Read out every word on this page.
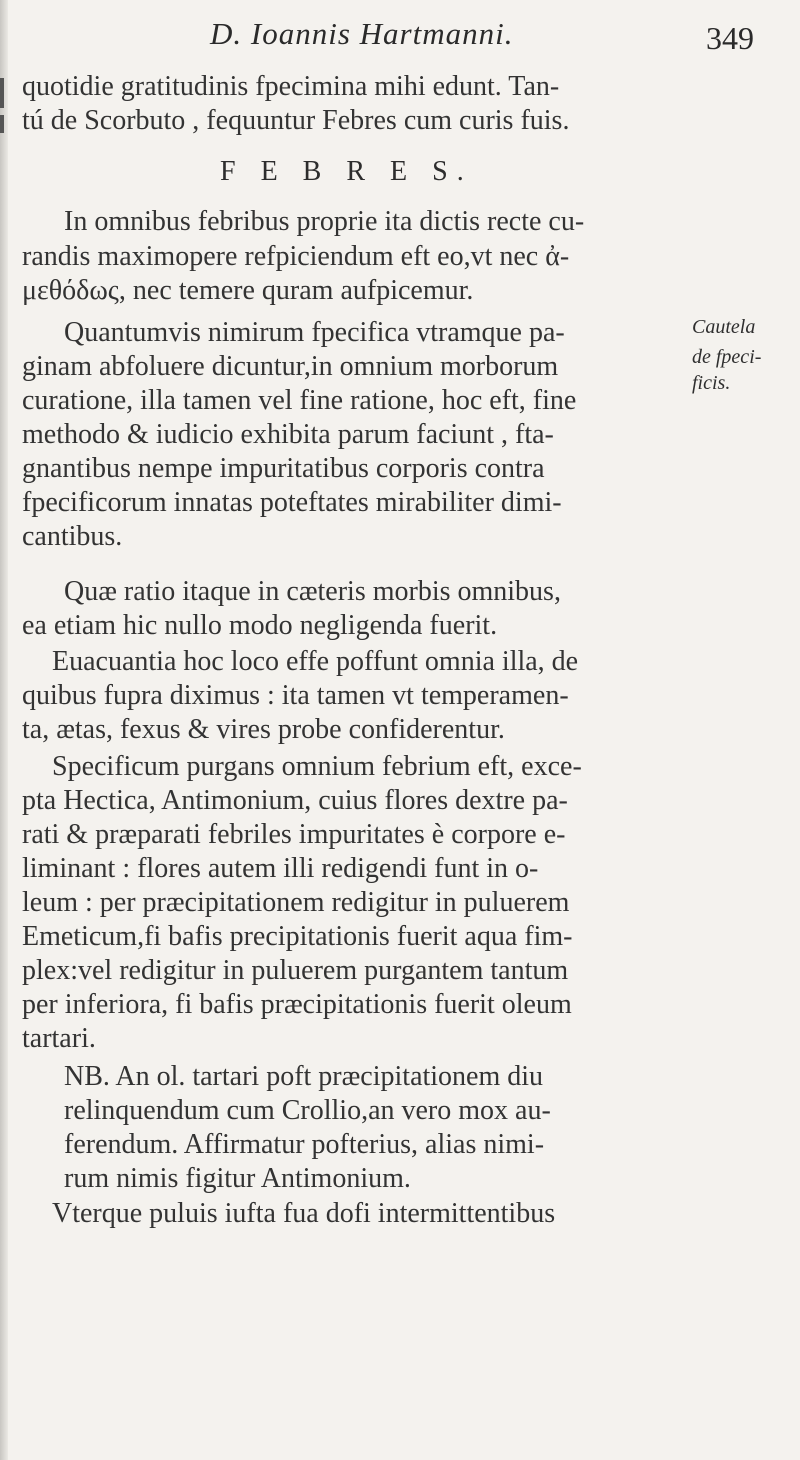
D. Ioannis Hartmanni.	349
quotidie gratitudinis fpecimina mihi edunt. Tan-
tú de Scorbuto , fequuntur Febres cum curis fuis.
F E B R E S.
In omnibus febribus proprie ita dictis recte cu-
randis maximopere refpiciendum eft eo,vt nec ἀ-
μεθόδως, nec temere quram aufpicemur.
Quantumvis nimirum fpecifica vtramque pa-
ginam abfoluere dicuntur,in omnium morborum
curatione, illa tamen vel fine ratione, hoc eft, fine
methodo & iudicio exhibita parum faciunt , fta-
gnantibus nempe impuritatibus corporis contra
fpecificorum innatas poteftates mirabiliter dimi-
cantibus.
Quæ ratio itaque in cæteris morbis omnibus,
ea etiam hic nullo modo negligenda fuerit.
Euacuantia hoc loco effe poffunt omnia illa, de
quibus fupra diximus : ita tamen vt temperamen-
ta, ætas, fexus & vires probe confiderentur.
Specificum purgans omnium febrium eft, exce-
pta Hectica, Antimonium, cuius flores dextre pa-
rati & præparati febriles impuritates è corpore e-
liminant : flores autem illi redigendi funt in o-
leum : per præcipitationem redigitur in puluerem
Emeticum,fi bafis precipitationis fuerit aqua fim-
plex:vel redigitur in puluerem purgantem tantum
per inferiora, fi bafis præcipitationis fuerit oleum
tartari.
NB. An ol. tartari poft præcipitationem diu
relinquendum cum Crollio,an vero mox au-
ferendum. Affirmatur pofterius, alias nimi-
rum nimis figitur Antimonium.
Vterque puluis iufta fua dofi intermittentibus
Cautela
de fpeci-
ficis.
